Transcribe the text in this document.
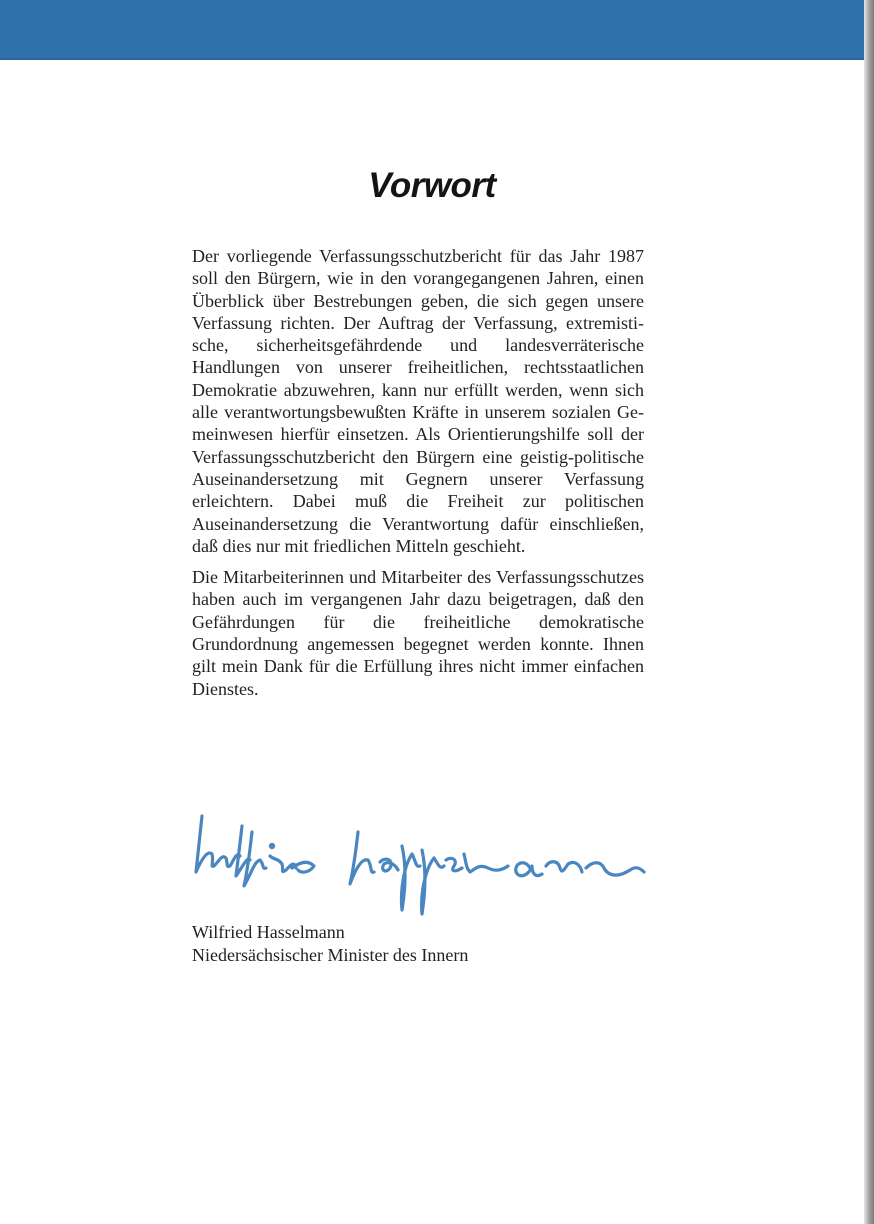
Vorwort

Der vorliegende Verfassungsschutzbericht für das Jahr 1987 soll den Bürgern, wie in den vorangegangenen Jahren, einen Überblick über Bestrebungen geben, die sich gegen unsere Verfassung richten. Der Auftrag der Verfassung, extremistische, sicherheitsgefährdende und landesverräterische Handlungen von unserer freiheitlichen, rechtsstaatlichen Demokratie abzuwehren, kann nur erfüllt werden, wenn sich alle verantwortungsbewußten Kräfte in unserem sozialen Gemeinwesen hierfür einsetzen. Als Orientierungshilfe soll der Verfassungsschutzbericht den Bürgern eine geistig-politische Auseinandersetzung mit Gegnern unserer Verfassung erleichtern. Dabei muß die Freiheit zur politischen Auseinandersetzung die Verantwortung dafür einschließen, daß dies nur mit friedlichen Mitteln geschieht.

Die Mitarbeiterinnen und Mitarbeiter des Verfassungsschutzes haben auch im vergangenen Jahr dazu beigetragen, daß den Gefährdungen für die freiheitliche demokratische Grundordnung angemessen begegnet werden konnte. Ihnen gilt mein Dank für die Erfüllung ihres nicht immer einfachen Dienstes.

Wilfried Hasselmann
Niedersächsischer Minister des Innern
